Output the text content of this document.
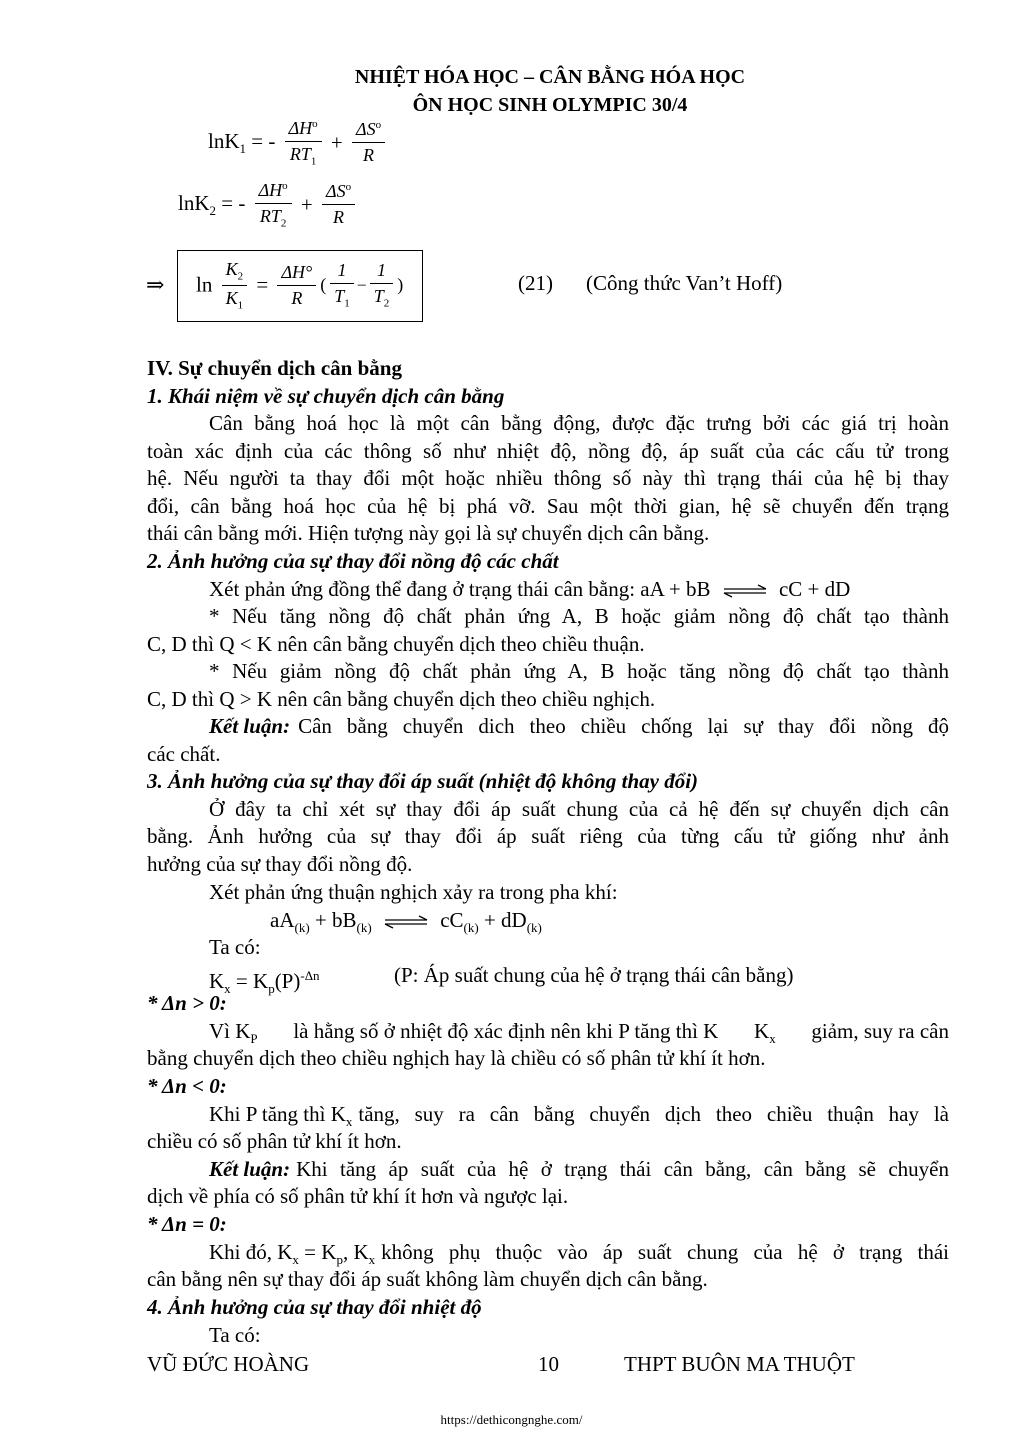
NHIỆT HÓA HỌC – CÂN BẰNG HÓA HỌC
ÔN HỌC SINH OLYMPIC 30/4
lnK$_1$ = - $\frac{\Delta H^o}{RT_1} + \frac{\Delta S^o}{R}$
lnK$_2$ = - $\frac{\Delta H^o}{RT_2} + \frac{\Delta S^o}{R}$
⇒ $\ln \frac{K_2}{K_1} = \frac{\Delta H^\circ}{R}$ ( $\frac{1}{T_1} - \frac{1}{T_2}$ )	(21) (Công thức Van’t Hoff)
IV. Sự chuyển dịch cân bằng
1. Khái niệm về sự chuyển dịch cân bằng
Cân bằng hoá học là một cân bằng động, được đặc trưng bởi các giá trị hoàn
toàn xác định của các thông số như nhiệt độ, nồng độ, áp suất của các cấu tử trong
hệ. Nếu người ta thay đổi một hoặc nhiều thông số này thì trạng thái của hệ bị thay
đổi, cân bằng hoá học của hệ bị phá vỡ. Sau một thời gian, hệ sẽ chuyển đến trạng
thái cân bằng mới. Hiện tượng này gọi là sự chuyển dịch cân bằng.
2. Ảnh hưởng của sự thay đổi nồng độ các chất
Xét phản ứng đồng thể đang ở trạng thái cân bằng: aA + bB ⇌ cC + dD
* Nếu tăng nồng độ chất phản ứng A, B hoặc giảm nồng độ chất tạo thành
C, D thì Q < K nên cân bằng chuyển dịch theo chiều thuận.
* Nếu giảm nồng độ chất phản ứng A, B hoặc tăng nồng độ chất tạo thành
C, D thì Q > K nên cân bằng chuyển dịch theo chiều nghịch.
Kết luận: Cân bằng chuyển dich theo chiều chống lại sự thay đổi nồng độ
các chất.
3. Ảnh hưởng của sự thay đổi áp suất (nhiệt độ không thay đổi)
Ở đây ta chỉ xét sự thay đổi áp suất chung của cả hệ đến sự chuyển dịch cân
bằng. Ảnh hưởng của sự thay đổi áp suất riêng của từng cấu tử giống như ảnh
hưởng của sự thay đổi nồng độ.
Xét phản ứng thuận nghịch xảy ra trong pha khí:
$aA_{(k)} + bB_{(k)}$ ⇌ $cC_{(k)} + dD_{(k)}$
Ta có:
$K_x = K_p(P)^{-\Delta n}$	(P: Áp suất chung của hệ ở trạng thái cân bằng)
* Δn > 0:
Vì $K_P$ là hằng số ở nhiệt độ xác định nên khi P tăng thì K $K_x$ giảm, suy ra cân
bằng chuyển dịch theo chiều nghịch hay là chiều có số phân tử khí ít hơn.
* Δn < 0:
Khi P tăng thì $K_x$ tăng, suy ra cân bằng chuyển dịch theo chiều thuận hay là
chiều có số phân tử khí ít hơn.
Kết luận: Khi tăng áp suất của hệ ở trạng thái cân bằng, cân bằng sẽ chuyển
dịch về phía có số phân tử khí ít hơn và ngược lại.
* Δn = 0:
Khi đó, $K_x = K_p$, $K_x$ không phụ thuộc vào áp suất chung của hệ ở trạng thái
cân bằng nên sự thay đổi áp suất không làm chuyển dịch cân bằng.
4. Ảnh hưởng của sự thay đổi nhiệt độ
Ta có:
VŨ ĐỨC HOÀNG	10	THPT BUÔN MA THUỘT
https://dethicongnghe.com/
